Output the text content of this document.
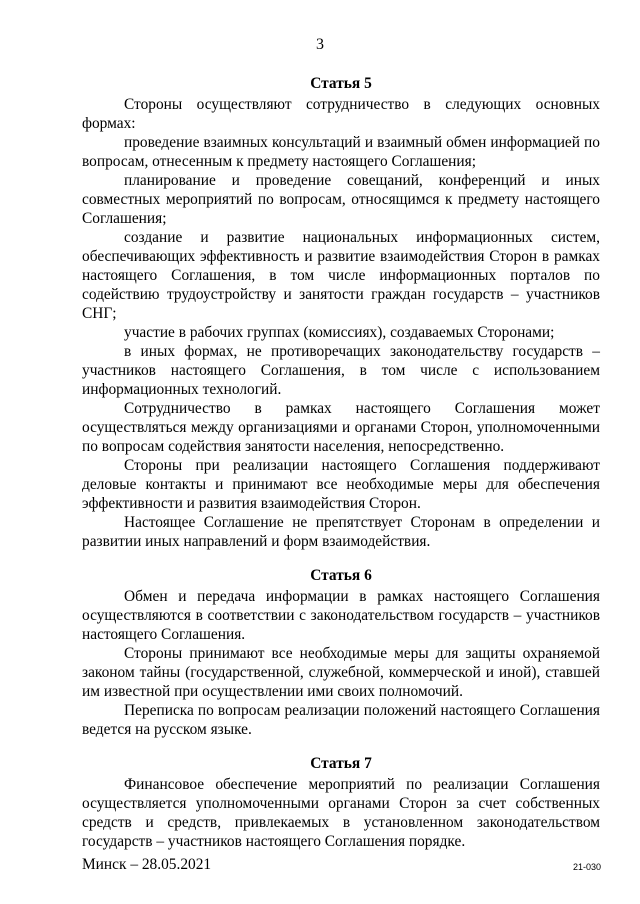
3
Статья 5

Стороны осуществляют сотрудничество в следующих основных формах:

проведение взаимных консультаций и взаимный обмен информацией по вопросам, отнесенным к предмету настоящего Соглашения;

планирование и проведение совещаний, конференций и иных совместных мероприятий по вопросам, относящимся к предмету настоящего Соглашения;

создание и развитие национальных информационных систем, обеспечивающих эффективность и развитие взаимодействия Сторон в рамках настоящего Соглашения, в том числе информационных порталов по содействию трудоустройству и занятости граждан государств – участников СНГ;

участие в рабочих группах (комиссиях), создаваемых Сторонами;

в иных формах, не противоречащих законодательству государств – участников настоящего Соглашения, в том числе с использованием информационных технологий.

Сотрудничество в рамках настоящего Соглашения может осуществляться между организациями и органами Сторон, уполномоченными по вопросам содействия занятости населения, непосредственно.

Стороны при реализации настоящего Соглашения поддерживают деловые контакты и принимают все необходимые меры для обеспечения эффективности и развития взаимодействия Сторон.

Настоящее Соглашение не препятствует Сторонам в определении и развитии иных направлений и форм взаимодействия.

Статья 6

Обмен и передача информации в рамках настоящего Соглашения осуществляются в соответствии с законодательством государств – участников настоящего Соглашения.

Стороны принимают все необходимые меры для защиты охраняемой законом тайны (государственной, служебной, коммерческой и иной), ставшей им известной при осуществлении ими своих полномочий.

Переписка по вопросам реализации положений настоящего Соглашения ведется на русском языке.

Статья 7

Финансовое обеспечение мероприятий по реализации Соглашения осуществляется уполномоченными органами Сторон за счет собственных средств и средств, привлекаемых в установленном законодательством государств – участников настоящего Соглашения порядке.

Минск – 28.05.2021	21-030
